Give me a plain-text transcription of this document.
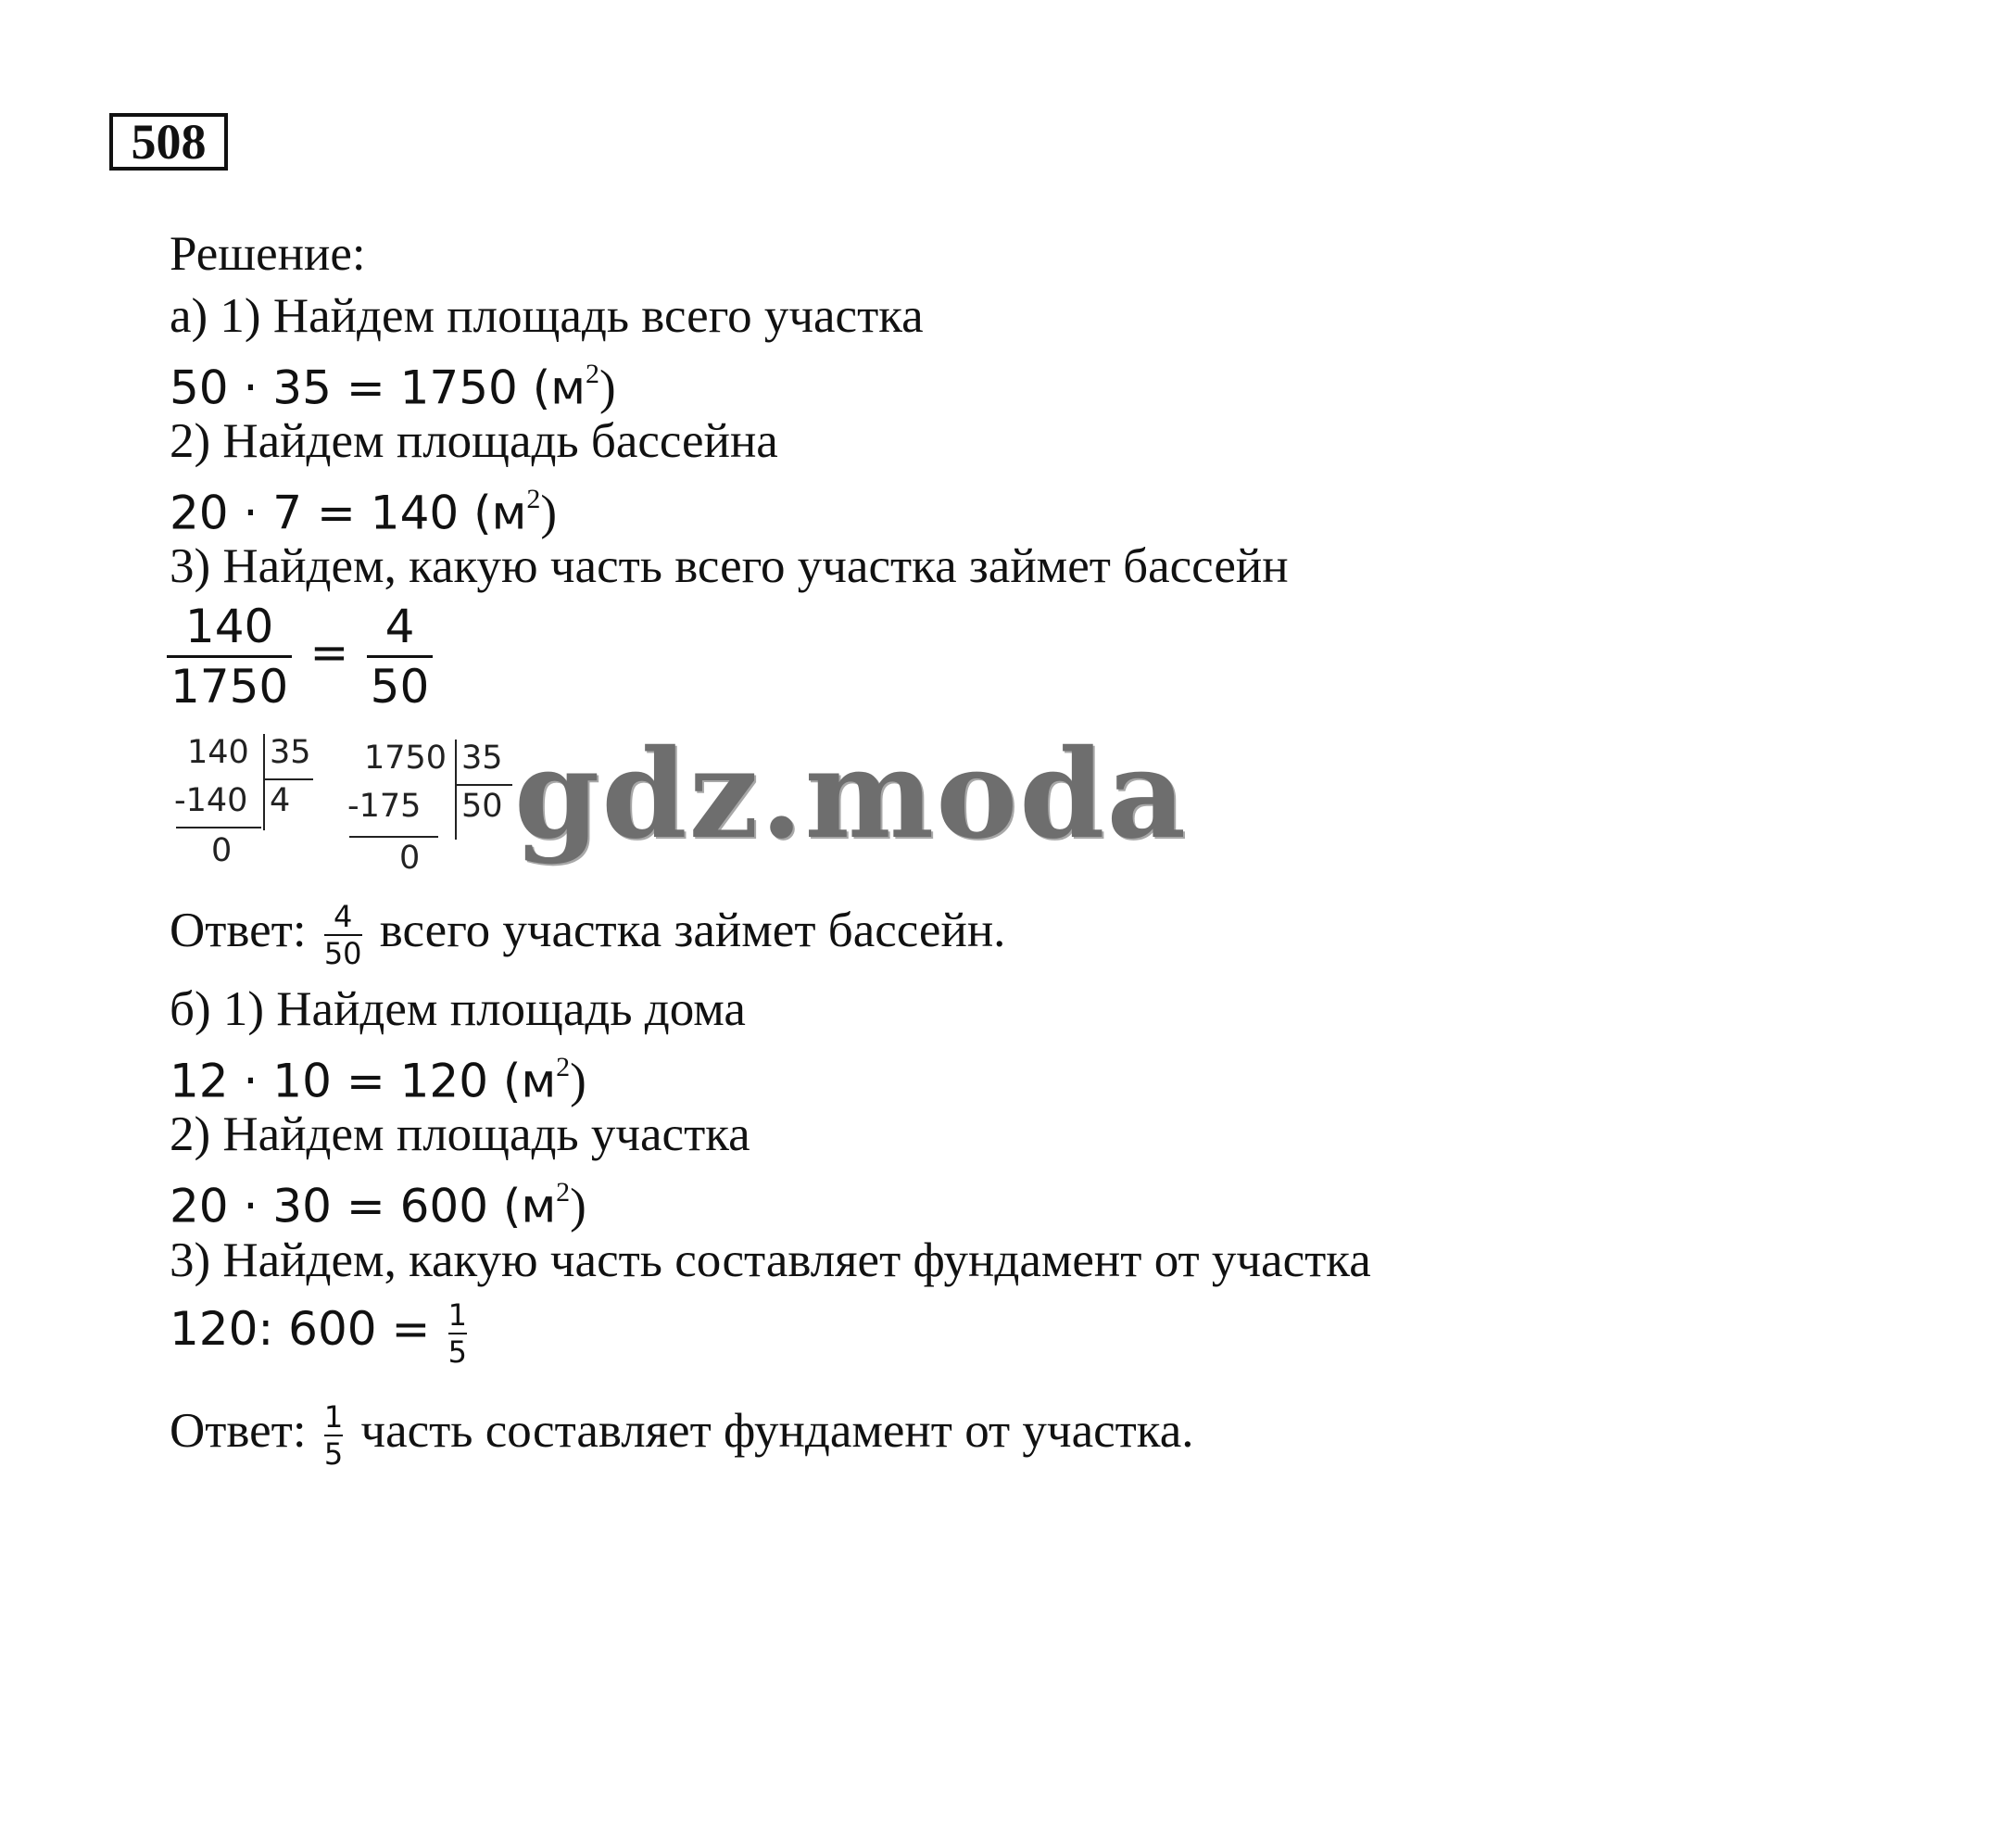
508
Решение:
а) 1) Найдем площадь всего участка
50 · 35 = 1750 $(м^2)$
2) Найдем площадь бассейна
20 · 7 = 140 $(м^2)$
3) Найдем, какую часть всего участка займет бассейн
$\frac{140}{1750} = \frac{4}{50}$
140 35
-140 4
0
1750 35
-175 50
0 gdz.moda
Ответ: $\frac{4}{50}$ всего участка займет бассейн.
б) 1) Найдем площадь дома
12 · 10 = 120 $(м^2)$
2) Найдем площадь участка
20 · 30 = 600 $(м^2)$
3) Найдем, какую часть составляет фундамент от участка
120: $600 = \frac{1}{5}$
Ответ: $\frac{1}{5}$ часть составляет фундамент от участка.
